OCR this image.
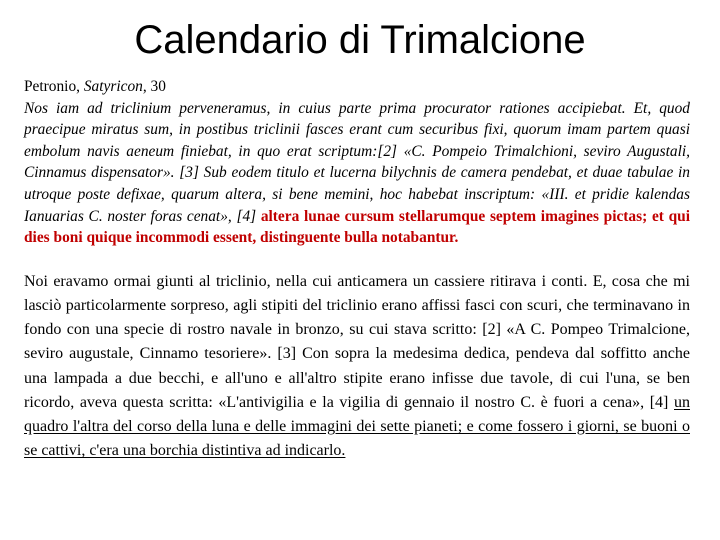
Calendario di Trimalcione

Petronio, Satyricon, 30

Nos iam ad triclinium perveneramus, in cuius parte prima procurator rationes accipiebat. Et, quod praecipue miratus sum, in postibus triclinii fasces erant cum securibus fixi, quorum imam partem quasi embolum navis aeneum finiebat, in quo erat scriptum:[2] «C. Pompeio Trimalchioni, seviro Augustali, Cinnamus dispensator». [3] Sub eodem titulo et lucerna bilychnis de camera pendebat, et duae tabulae in utroque poste defixae, quarum altera, si bene memini, hoc habebat inscriptum: «III. et pridie kalendas Ianuarias C. noster foras cenat», [4] altera lunae cursum stellarumque septem imagines pictas; et qui dies boni quique incommodi essent, distinguente bulla notabantur.

Noi eravamo ormai giunti al triclinio, nella cui anticamera un cassiere ritirava i conti. E, cosa che mi lasciò particolarmente sorpreso, agli stipiti del triclinio erano affissi fasci con scuri, che terminavano in fondo con una specie di rostro navale in bronzo, su cui stava scritto: [2] «A C. Pompeo Trimalcione, seviro augustale, Cinnamo tesoriere». [3] Con sopra la medesima dedica, pendeva dal soffitto anche una lampada a due becchi, e all'uno e all'altro stipite erano infisse due tavole, di cui l'una, se ben ricordo, aveva questa scritta: «L'antivigilia e la vigilia di gennaio il nostro C. è fuori a cena», [4] un quadro l'altra del corso della luna e delle immagini dei sette pianeti; e come fossero i giorni, se buoni o se cattivi, c'era una borchia distintiva ad indicarlo.
